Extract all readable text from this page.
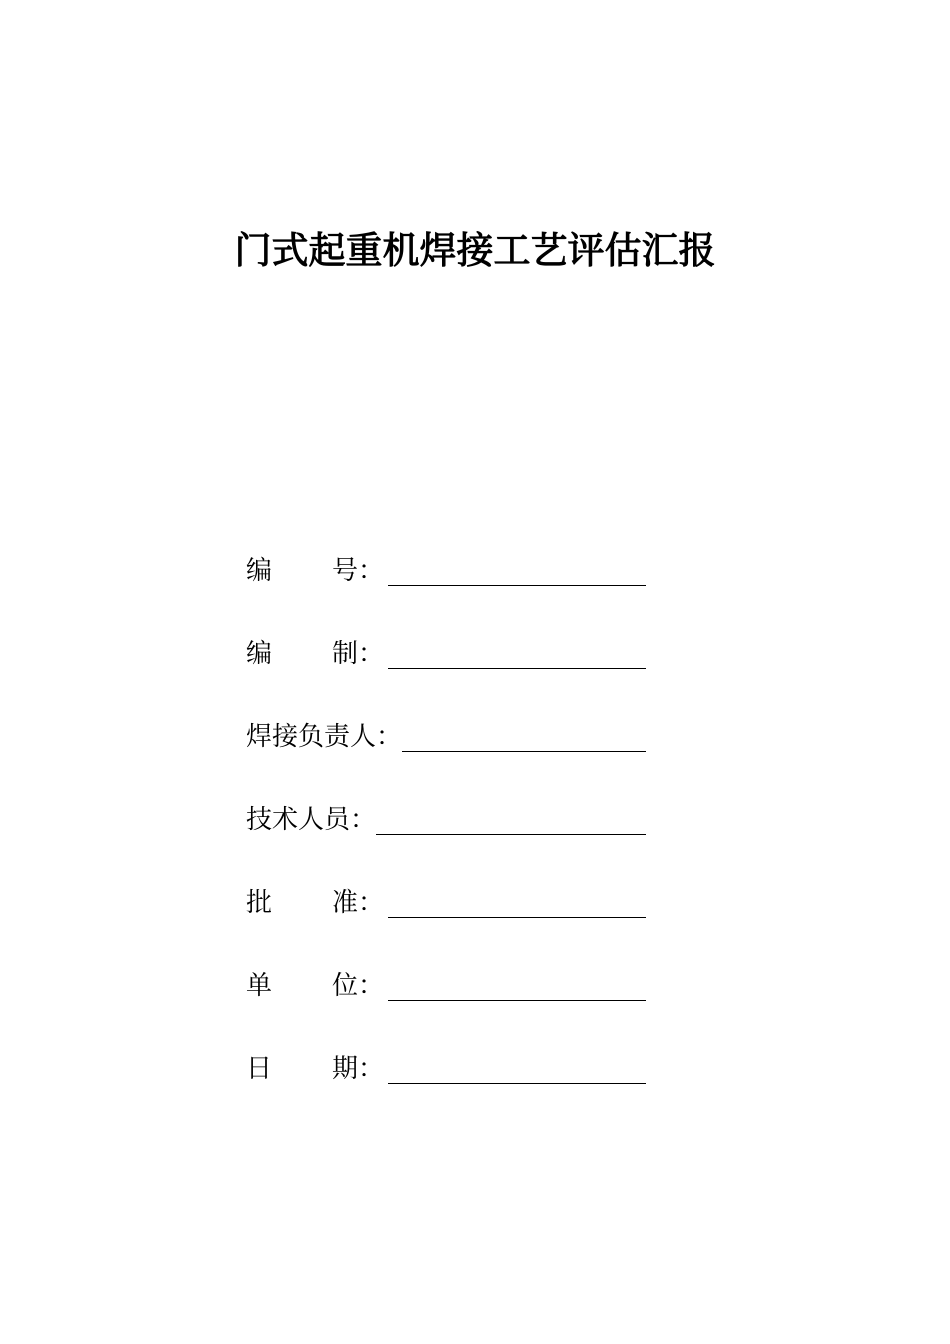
门式起重机焊接工艺评估汇报
编	号 ：
编	制 ：
焊接负责人 ：
技术人员 ：
批	准 ：
单	位 ：
日	期 ：
